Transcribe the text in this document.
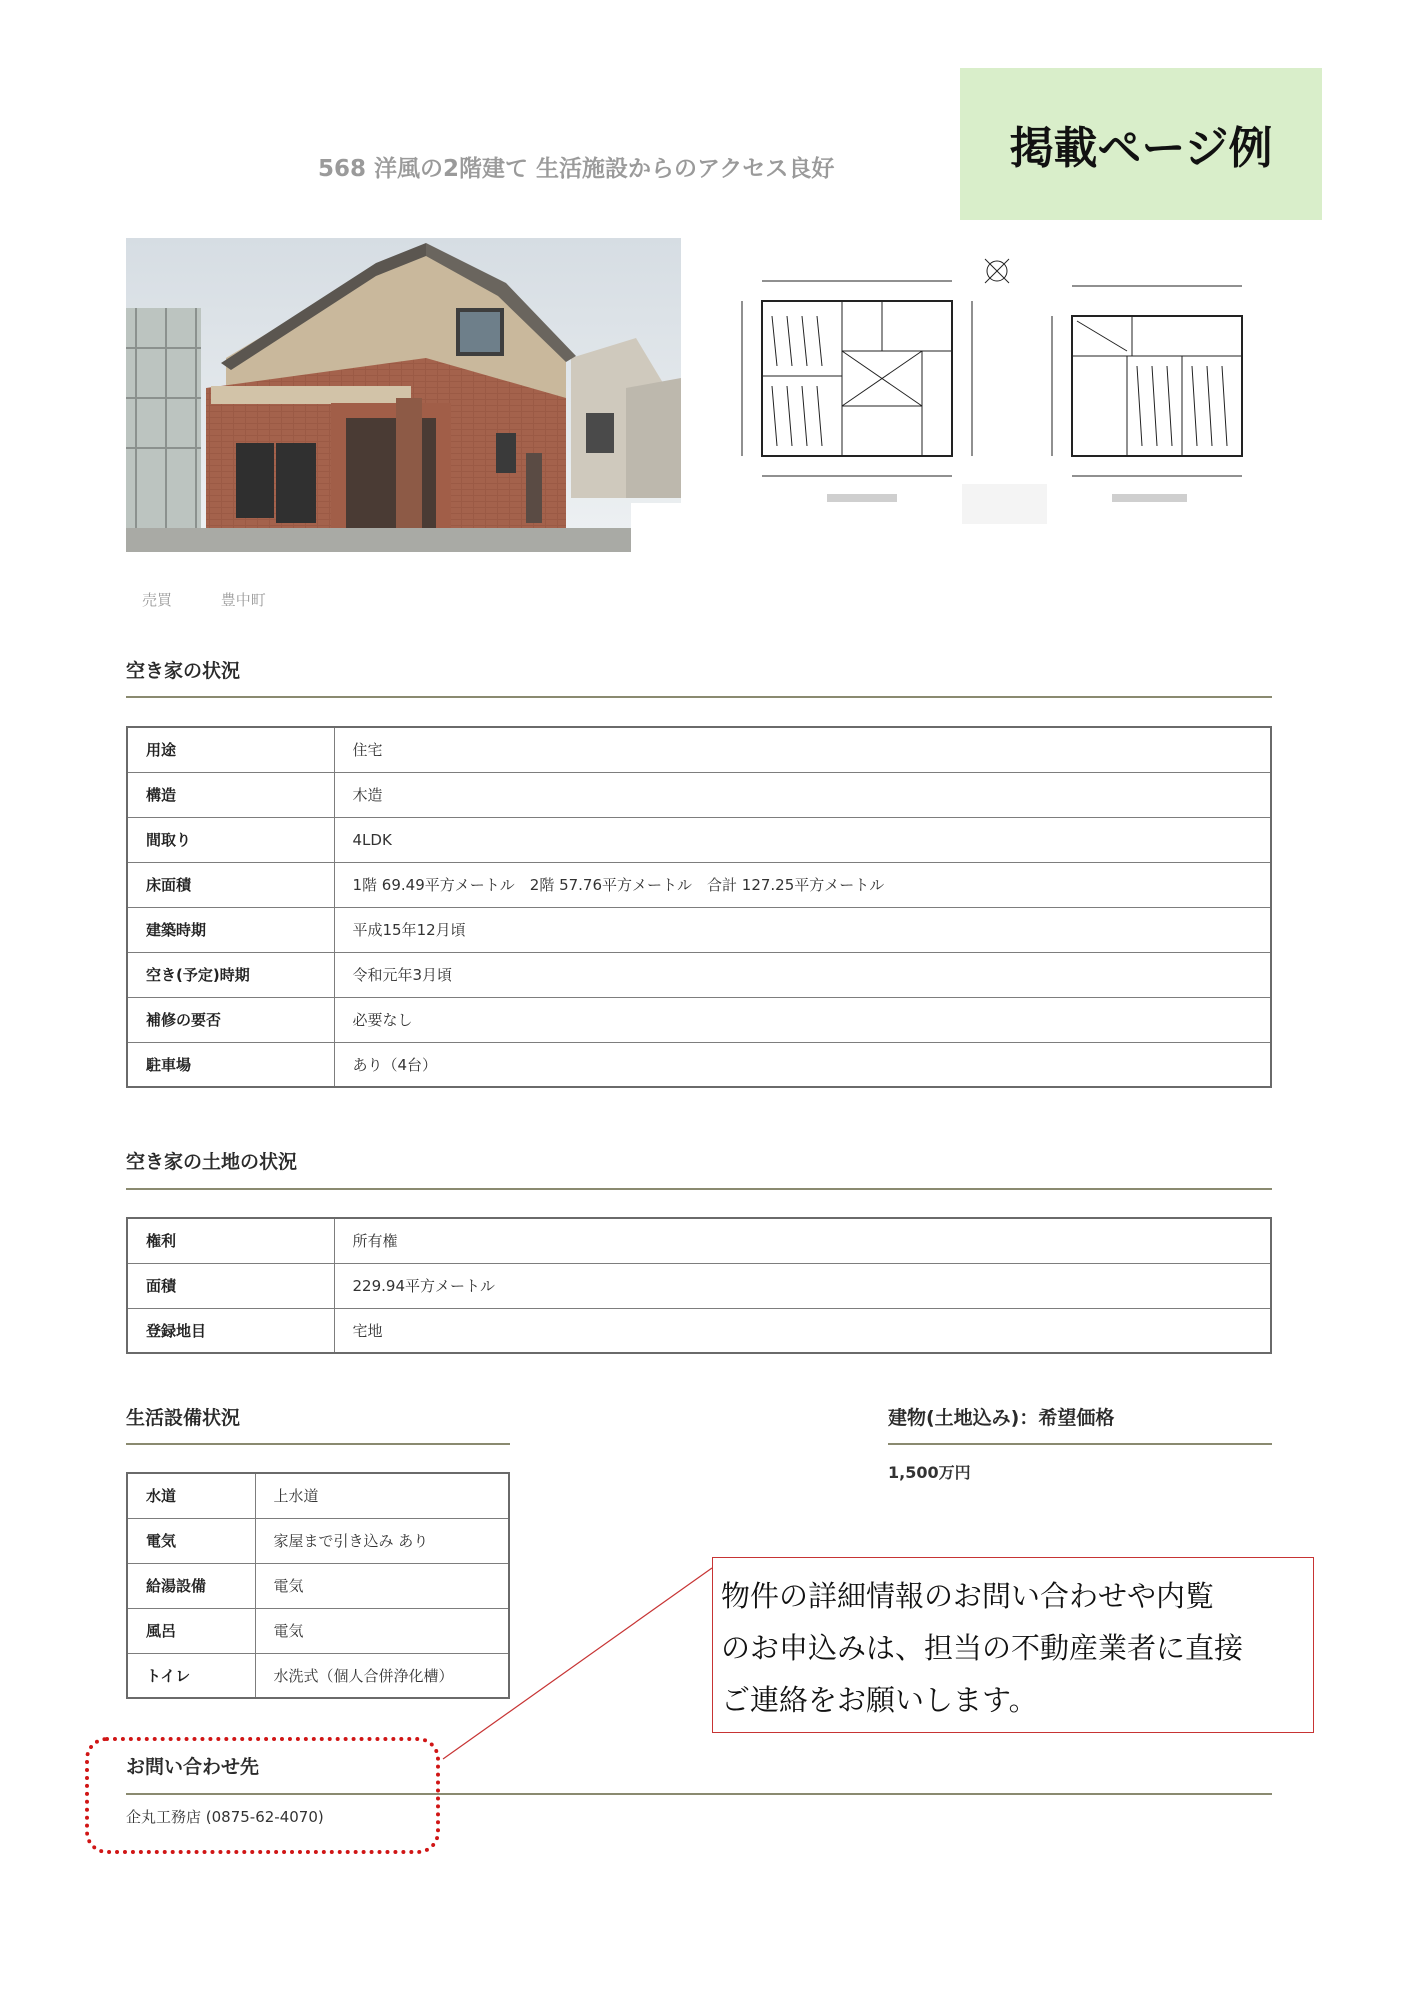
568 洋風の2階建て 生活施設からのアクセス良好	掲載ページ例
売買	豊中町
空き家の状況
用途	住宅
構造	木造
間取り	4LDK
床面積	1階 69.49平方メートル　2階 57.76平方メートル　合計 127.25平方メートル
建築時期	平成15年12月頃
空き(予定)時期	令和元年3月頃
補修の要否	必要なし
駐車場	あり（4台）
空き家の土地の状況
権利	所有権
面積	229.94平方メートル
登録地目	宅地
生活設備状況
水道	上水道
電気	家屋まで引き込み あり
給湯設備	電気
風呂	電気
トイレ	水洗式（個人合併浄化槽）
建物(土地込み)：希望価格
1,500万円
物件の詳細情報のお問い合わせや内覧
のお申込みは、担当の不動産業者に直接
ご連絡をお願いします。
お問い合わせ先
企丸工務店 (0875-62-4070)
